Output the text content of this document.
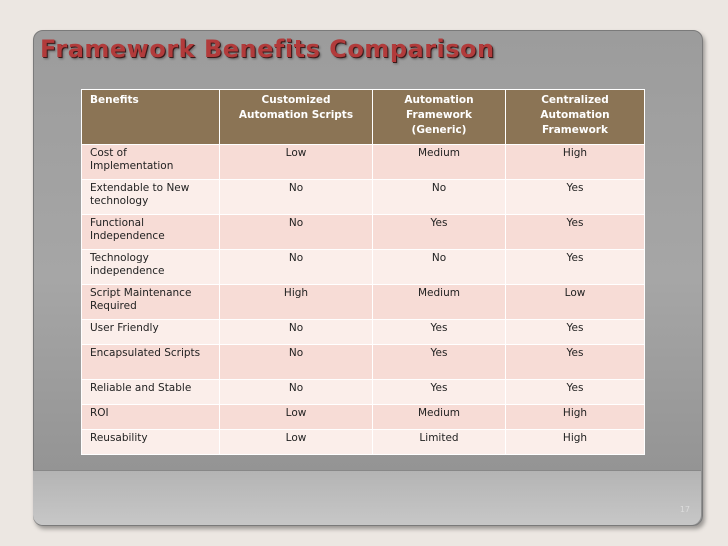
Framework Benefits Comparison
Benefits	Customized Automation Scripts	Automation Framework (Generic)	Centralized Automation Framework
Cost of Implementation	Low	Medium	High
Extendable to New technology	No	No	Yes
Functional Independence	No	Yes	Yes
Technology independence	No	No	Yes
Script Maintenance Required	High	Medium	Low
User Friendly	No	Yes	Yes
Encapsulated Scripts	No	Yes	Yes
Reliable and Stable	No	Yes	Yes
ROI	Low	Medium	High
Reusability	Low	Limited	High
17
